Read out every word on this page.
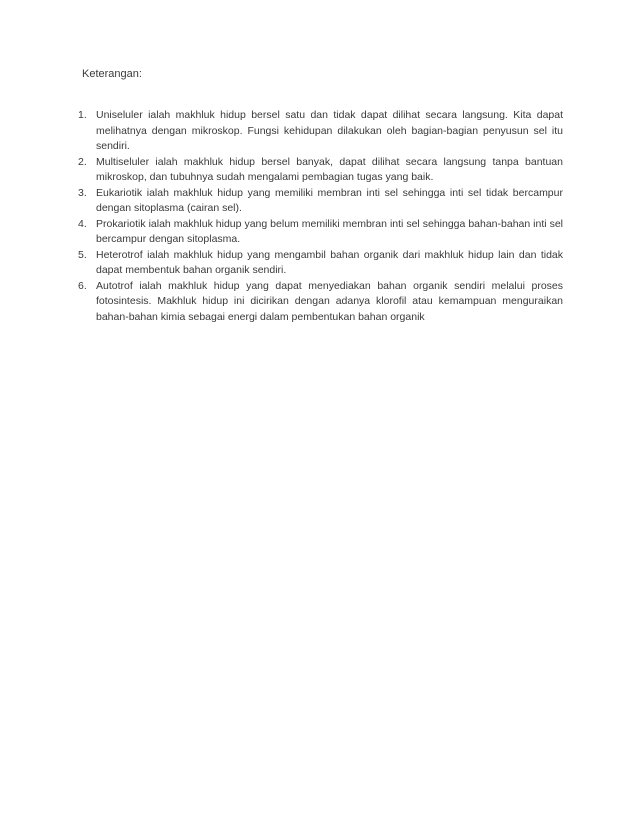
Keterangan:

1. Uniseluler ialah makhluk hidup bersel satu dan tidak dapat dilihat secara langsung. Kita dapat melihatnya dengan mikroskop. Fungsi kehidupan dilakukan oleh bagian-bagian penyusun sel itu sendiri.
2. Multiseluler ialah makhluk hidup bersel banyak, dapat dilihat secara langsung tanpa bantuan mikroskop, dan tubuhnya sudah mengalami pembagian tugas yang baik.
3. Eukariotik ialah makhluk hidup yang memiliki membran inti sel sehingga inti sel tidak bercampur dengan sitoplasma (cairan sel).
4. Prokariotik ialah makhluk hidup yang belum memiliki membran inti sel sehingga bahan-bahan inti sel bercampur dengan sitoplasma.
5. Heterotrof ialah makhluk hidup yang mengambil bahan organik dari makhluk hidup lain dan tidak dapat membentuk bahan organik sendiri.
6. Autotrof ialah makhluk hidup yang dapat menyediakan bahan organik sendiri melalui proses fotosintesis. Makhluk hidup ini dicirikan dengan adanya klorofil atau kemampuan menguraikan bahan-bahan kimia sebagai energi dalam pembentukan bahan organik
